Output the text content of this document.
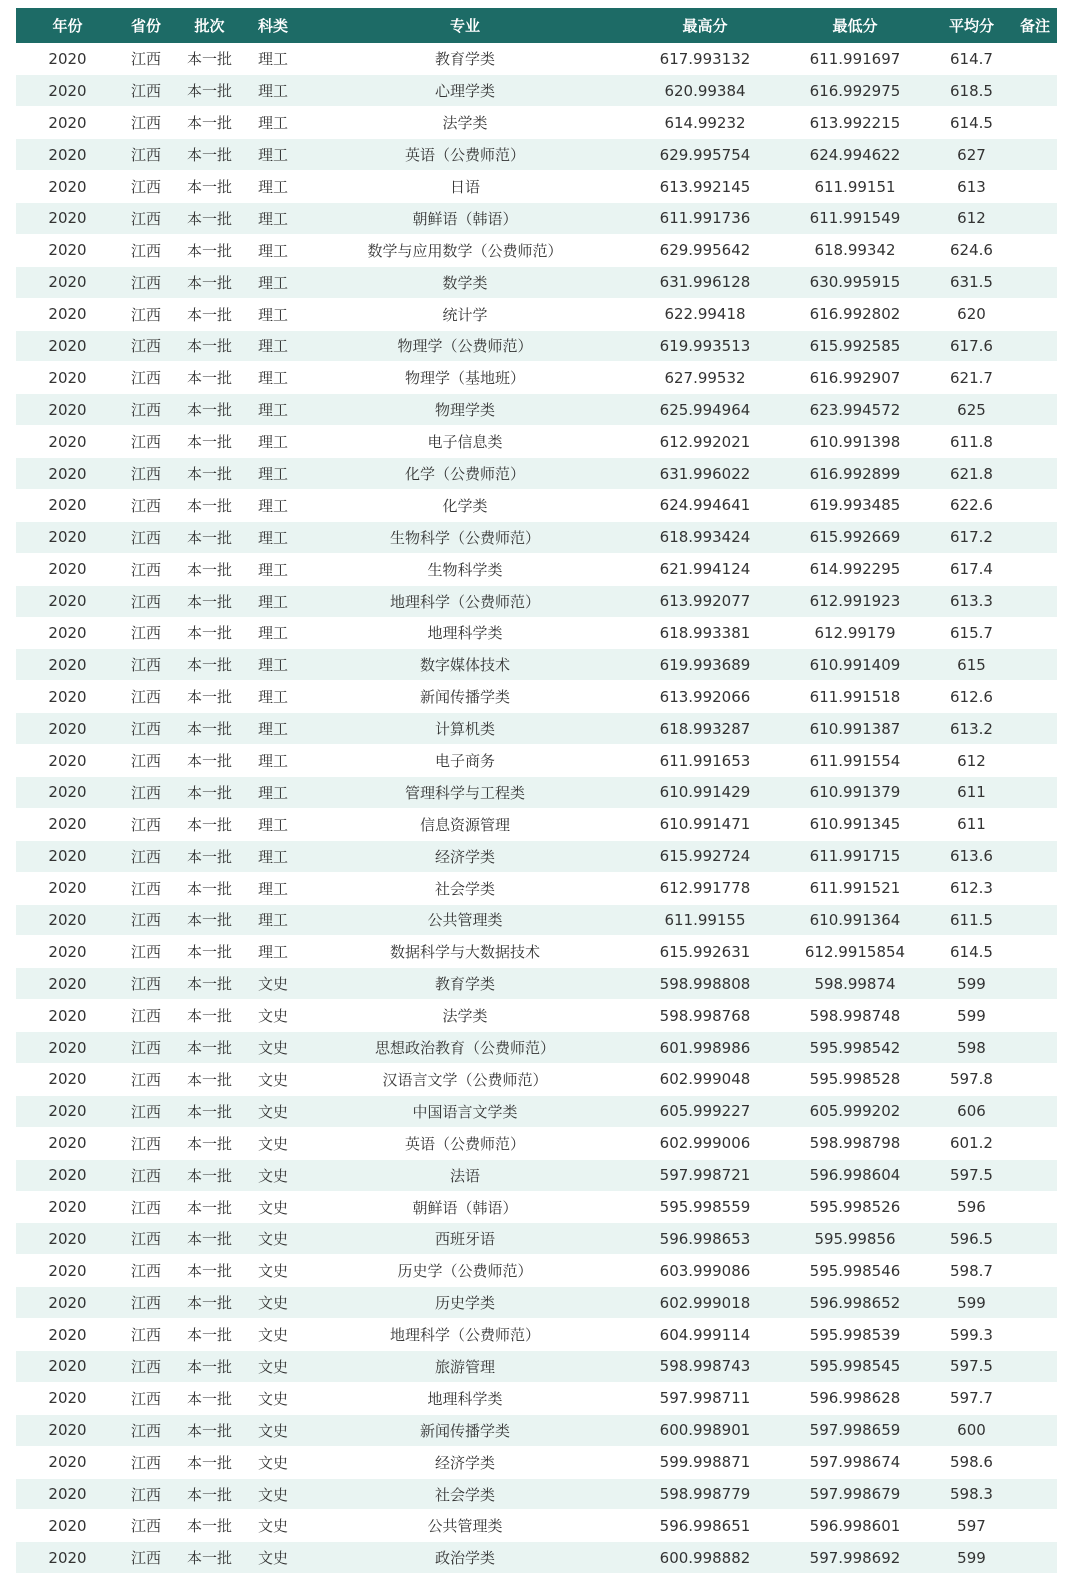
年份	省份	批次	科类	专业	最高分	最低分	平均分	备注
2020	江西	本一批	理工	教育学类	617.993132	611.991697	614.7	
2020	江西	本一批	理工	心理学类	620.99384	616.992975	618.5	
2020	江西	本一批	理工	法学类	614.99232	613.992215	614.5	
2020	江西	本一批	理工	英语（公费师范）	629.995754	624.994622	627	
2020	江西	本一批	理工	日语	613.992145	611.99151	613	
2020	江西	本一批	理工	朝鲜语（韩语）	611.991736	611.991549	612	
2020	江西	本一批	理工	数学与应用数学（公费师范）	629.995642	618.99342	624.6	
2020	江西	本一批	理工	数学类	631.996128	630.995915	631.5	
2020	江西	本一批	理工	统计学	622.99418	616.992802	620	
2020	江西	本一批	理工	物理学（公费师范）	619.993513	615.992585	617.6	
2020	江西	本一批	理工	物理学（基地班）	627.99532	616.992907	621.7	
2020	江西	本一批	理工	物理学类	625.994964	623.994572	625	
2020	江西	本一批	理工	电子信息类	612.992021	610.991398	611.8	
2020	江西	本一批	理工	化学（公费师范）	631.996022	616.992899	621.8	
2020	江西	本一批	理工	化学类	624.994641	619.993485	622.6	
2020	江西	本一批	理工	生物科学（公费师范）	618.993424	615.992669	617.2	
2020	江西	本一批	理工	生物科学类	621.994124	614.992295	617.4	
2020	江西	本一批	理工	地理科学（公费师范）	613.992077	612.991923	613.3	
2020	江西	本一批	理工	地理科学类	618.993381	612.99179	615.7	
2020	江西	本一批	理工	数字媒体技术	619.993689	610.991409	615	
2020	江西	本一批	理工	新闻传播学类	613.992066	611.991518	612.6	
2020	江西	本一批	理工	计算机类	618.993287	610.991387	613.2	
2020	江西	本一批	理工	电子商务	611.991653	611.991554	612	
2020	江西	本一批	理工	管理科学与工程类	610.991429	610.991379	611	
2020	江西	本一批	理工	信息资源管理	610.991471	610.991345	611	
2020	江西	本一批	理工	经济学类	615.992724	611.991715	613.6	
2020	江西	本一批	理工	社会学类	612.991778	611.991521	612.3	
2020	江西	本一批	理工	公共管理类	611.99155	610.991364	611.5	
2020	江西	本一批	理工	数据科学与大数据技术	615.992631	612.9915854	614.5	
2020	江西	本一批	文史	教育学类	598.998808	598.99874	599	
2020	江西	本一批	文史	法学类	598.998768	598.998748	599	
2020	江西	本一批	文史	思想政治教育（公费师范）	601.998986	595.998542	598	
2020	江西	本一批	文史	汉语言文学（公费师范）	602.999048	595.998528	597.8	
2020	江西	本一批	文史	中国语言文学类	605.999227	605.999202	606	
2020	江西	本一批	文史	英语（公费师范）	602.999006	598.998798	601.2	
2020	江西	本一批	文史	法语	597.998721	596.998604	597.5	
2020	江西	本一批	文史	朝鲜语（韩语）	595.998559	595.998526	596	
2020	江西	本一批	文史	西班牙语	596.998653	595.99856	596.5	
2020	江西	本一批	文史	历史学（公费师范）	603.999086	595.998546	598.7	
2020	江西	本一批	文史	历史学类	602.999018	596.998652	599	
2020	江西	本一批	文史	地理科学（公费师范）	604.999114	595.998539	599.3	
2020	江西	本一批	文史	旅游管理	598.998743	595.998545	597.5	
2020	江西	本一批	文史	地理科学类	597.998711	596.998628	597.7	
2020	江西	本一批	文史	新闻传播学类	600.998901	597.998659	600	
2020	江西	本一批	文史	经济学类	599.998871	597.998674	598.6	
2020	江西	本一批	文史	社会学类	598.998779	597.998679	598.3	
2020	江西	本一批	文史	公共管理类	596.998651	596.998601	597	
2020	江西	本一批	文史	政治学类	600.998882	597.998692	599	
